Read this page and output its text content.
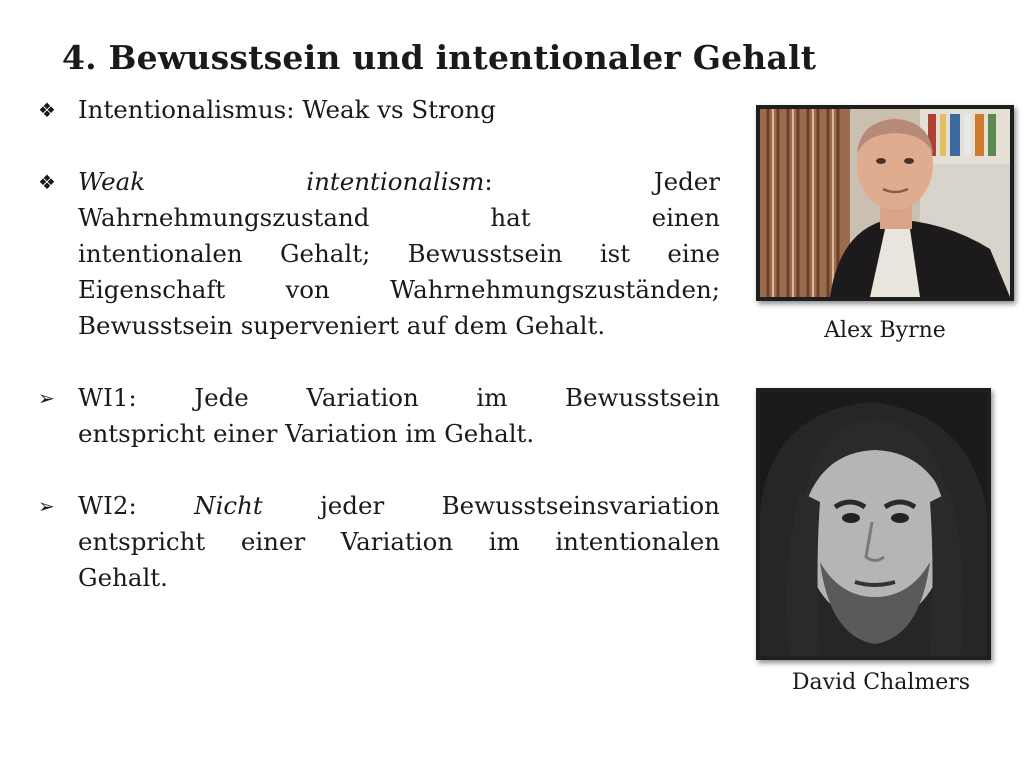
4. Bewusstsein und intentionaler Gehalt
❖ Intentionalismus: Weak vs Strong
❖ Weak	intentionalism:	Jeder
Wahrnehmungszustand hat einen
intentionalen Gehalt; Bewusstsein ist eine
Eigenschaft von Wahrnehmungszuständen;
Bewusstsein superveniert auf dem Gehalt.
➢ WI1: Jede Variation im Bewusstsein
entspricht einer Variation im Gehalt.
➢ WI2: Nicht jeder Bewusstseinsvariation
entspricht einer Variation im intentionalen
Gehalt.
Alex Byrne
David Chalmers
